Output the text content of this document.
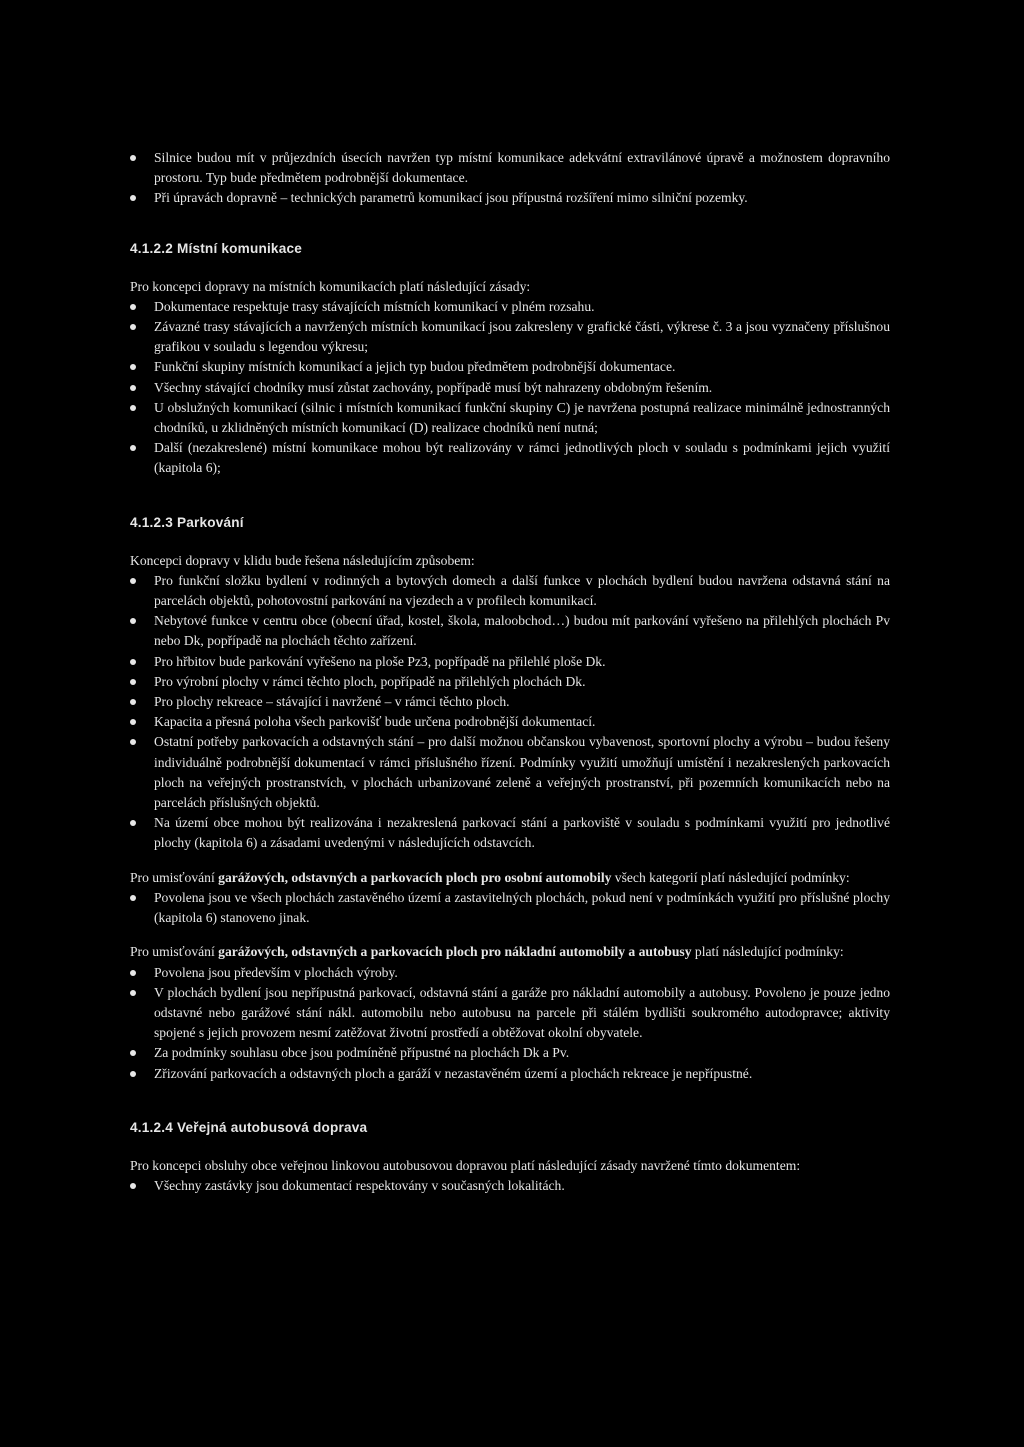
Silnice budou mít v průjezdních úsecích navržen typ místní komunikace adekvátní extravilánové úpravě a možnostem dopravního prostoru. Typ bude předmětem podrobnější dokumentace.
Při úpravách dopravně – technických parametrů komunikací jsou přípustná rozšíření mimo silniční pozemky.
4.1.2.2 Místní komunikace

Pro koncepci dopravy na místních komunikacích platí následující zásady:

Dokumentace respektuje trasy stávajících místních komunikací v plném rozsahu.
Závazné trasy stávajících a navržených místních komunikací jsou zakresleny v grafické části, výkrese č. 3 a jsou vyznačeny příslušnou grafikou v souladu s legendou výkresu;
Funkční skupiny místních komunikací a jejich typ budou předmětem podrobnější dokumentace.
Všechny stávající chodníky musí zůstat zachovány, popřípadě musí být nahrazeny obdobným řešením.
U obslužných komunikací (silnic i místních komunikací funkční skupiny C) je navržena postupná realizace minimálně jednostranných chodníků, u zklidněných místních komunikací (D) realizace chodníků není nutná;
Další (nezakreslené) místní komunikace mohou být realizovány v rámci jednotlivých ploch v souladu s podmínkami jejich využití (kapitola 6);
4.1.2.3 Parkování

Koncepci dopravy v klidu bude řešena následujícím způsobem:

Pro funkční složku bydlení v rodinných a bytových domech a další funkce v plochách bydlení budou navržena odstavná stání na parcelách objektů, pohotovostní parkování na vjezdech a v profilech komunikací.
Nebytové funkce v centru obce (obecní úřad, kostel, škola, maloobchod…) budou mít parkování vyřešeno na přilehlých plochách Pv nebo Dk, popřípadě na plochách těchto zařízení.
Pro hřbitov bude parkování vyřešeno na ploše Pz3, popřípadě na přilehlé ploše Dk.
Pro výrobní plochy v rámci těchto ploch, popřípadě na přilehlých plochách Dk.
Pro plochy rekreace – stávající i navržené – v rámci těchto ploch.
Kapacita a přesná poloha všech parkovišť bude určena podrobnější dokumentací.
Ostatní potřeby parkovacích a odstavných stání – pro další možnou občanskou vybavenost, sportovní plochy a výrobu – budou řešeny individuálně podrobnější dokumentací v rámci příslušného řízení. Podmínky využití umožňují umístění i nezakreslených parkovacích ploch na veřejných prostranstvích, v plochách urbanizované zeleně a veřejných prostranství, při pozemních komunikacích nebo na parcelách příslušných objektů.
Na území obce mohou být realizována i nezakreslená parkovací stání a parkoviště v souladu s podmínkami využití pro jednotlivé plochy (kapitola 6) a zásadami uvedenými v následujících odstavcích.

Pro umisťování garážových, odstavných a parkovacích ploch pro osobní automobily všech kategorií platí následující podmínky:

Povolena jsou ve všech plochách zastavěného území a zastavitelných plochách, pokud není v podmínkách využití pro příslušné plochy (kapitola 6) stanoveno jinak.

Pro umisťování garážových, odstavných a parkovacích ploch pro nákladní automobily a autobusy platí následující podmínky:

Povolena jsou především v plochách výroby.
V plochách bydlení jsou nepřípustná parkovací, odstavná stání a garáže pro nákladní automobily a autobusy. Povoleno je pouze jedno odstavné nebo garážové stání nákl. automobilu nebo autobusu na parcele při stálém bydlišti soukromého autodopravce; aktivity spojené s jejich provozem nesmí zatěžovat životní prostředí a obtěžovat okolní obyvatele.
Za podmínky souhlasu obce jsou podmíněně přípustné na plochách Dk a Pv.
Zřizování parkovacích a odstavných ploch a garáží v nezastavěném území a plochách rekreace je nepřípustné.
4.1.2.4 Veřejná autobusová doprava

Pro koncepci obsluhy obce veřejnou linkovou autobusovou dopravou platí následující zásady navržené tímto dokumentem:

Všechny zastávky jsou dokumentací respektovány v současných lokalitách.
